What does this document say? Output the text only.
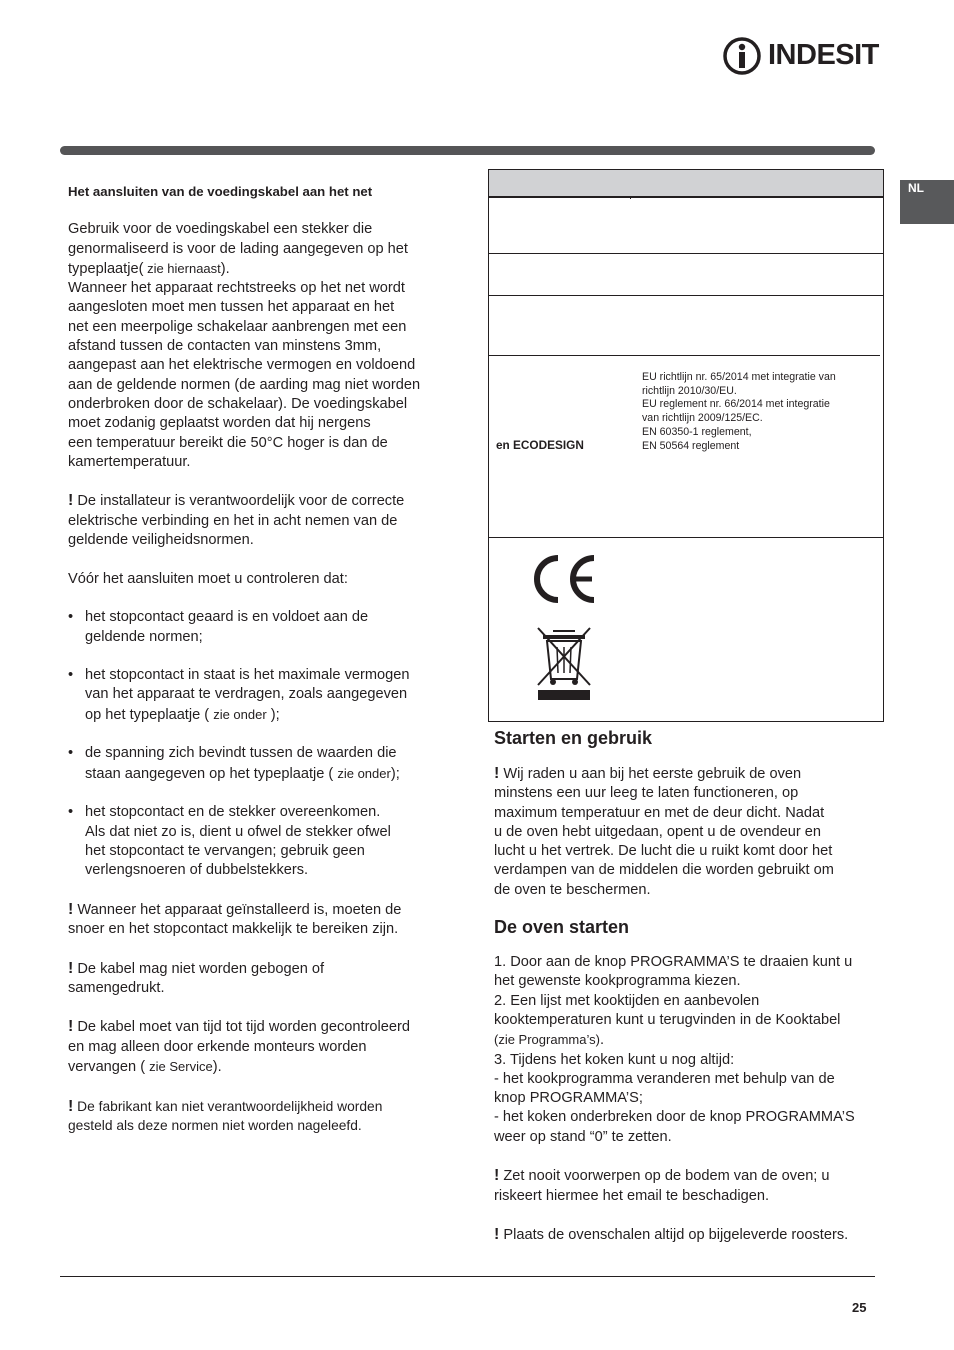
INDESIT
NL

Het aansluiten van de voedingskabel aan het net

Gebruik voor de voedingskabel een stekker die

genormaliseerd is voor de lading aangegeven op het

typeplaatje( zie hiernaast).

Wanneer het apparaat rechtstreeks op het net wordt

aangesloten moet men tussen het apparaat en het

net een meerpolige schakelaar aanbrengen met een

afstand tussen de contacten van minstens 3mm,

aangepast aan het elektrische vermogen en voldoend

aan de geldende normen (de aarding mag niet worden

onderbroken door de schakelaar). De voedingskabel

moet zodanig geplaatst worden dat hij nergens

een temperatuur bereikt die 50°C hoger is dan de

kamertemperatuur.

! De installateur is verantwoordelijk voor de correcte

elektrische verbinding en het in acht nemen van de

geldende veiligheidsnormen.

Vóór het aansluiten moet u controleren dat:

• het stopcontact geaard is en voldoet aan de

geldende normen;

• het stopcontact in staat is het maximale vermogen

van het apparaat te verdragen, zoals aangegeven

op het typeplaatje ( zie onder );

• de spanning zich bevindt tussen de waarden die

staan aangegeven op het typeplaatje ( zie onder);

• het stopcontact en de stekker overeenkomen.

Als dat niet zo is, dient u ofwel de stekker ofwel

het stopcontact te vervangen; gebruik geen

verlengsnoeren of dubbelstekkers.

! Wanneer het apparaat geïnstalleerd is, moeten de

snoer en het stopcontact makkelijk te bereiken zijn.

! De kabel mag niet worden gebogen of

samengedrukt.

! De kabel moet van tijd tot tijd worden gecontroleerd

en mag alleen door erkende monteurs worden

vervangen ( zie Service).

! De fabrikant kan niet verantwoordelijkheid worden

gesteld als deze normen niet worden nageleefd.

en ECODESIGN
EU richtlijn nr. 65/2014 met integratie van
richtlijn 2010/30/EU.
EU reglement nr. 66/2014 met integratie
van richtlijn 2009/125/EC.
EN 60350-1 reglement,
EN 50564 reglement

Starten en gebruik

! Wij raden u aan bij het eerste gebruik de oven

minstens een uur leeg te laten functioneren, op

maximum temperatuur en met de deur dicht. Nadat

u de oven hebt uitgedaan, opent u de ovendeur en

lucht u het vertrek. De lucht die u ruikt komt door het

verdampen van de middelen die worden gebruikt om

de oven te beschermen.

De oven starten

1. Door aan de knop PROGRAMMA’S te draaien kunt u

het gewenste kookprogramma kiezen.

2. Een lijst met kooktijden en aanbevolen

kooktemperaturen kunt u terugvinden in de Kooktabel

(zie Programma’s).

3. Tijdens het koken kunt u nog altijd:

- het kookprogramma veranderen met behulp van de

knop PROGRAMMA’S;

- het koken onderbreken door de knop PROGRAMMA’S

weer op stand “0” te zetten.

! Zet nooit voorwerpen op de bodem van de oven; u

riskeert hiermee het email te beschadigen.

! Plaats de ovenschalen altijd op bijgeleverde roosters.

25
